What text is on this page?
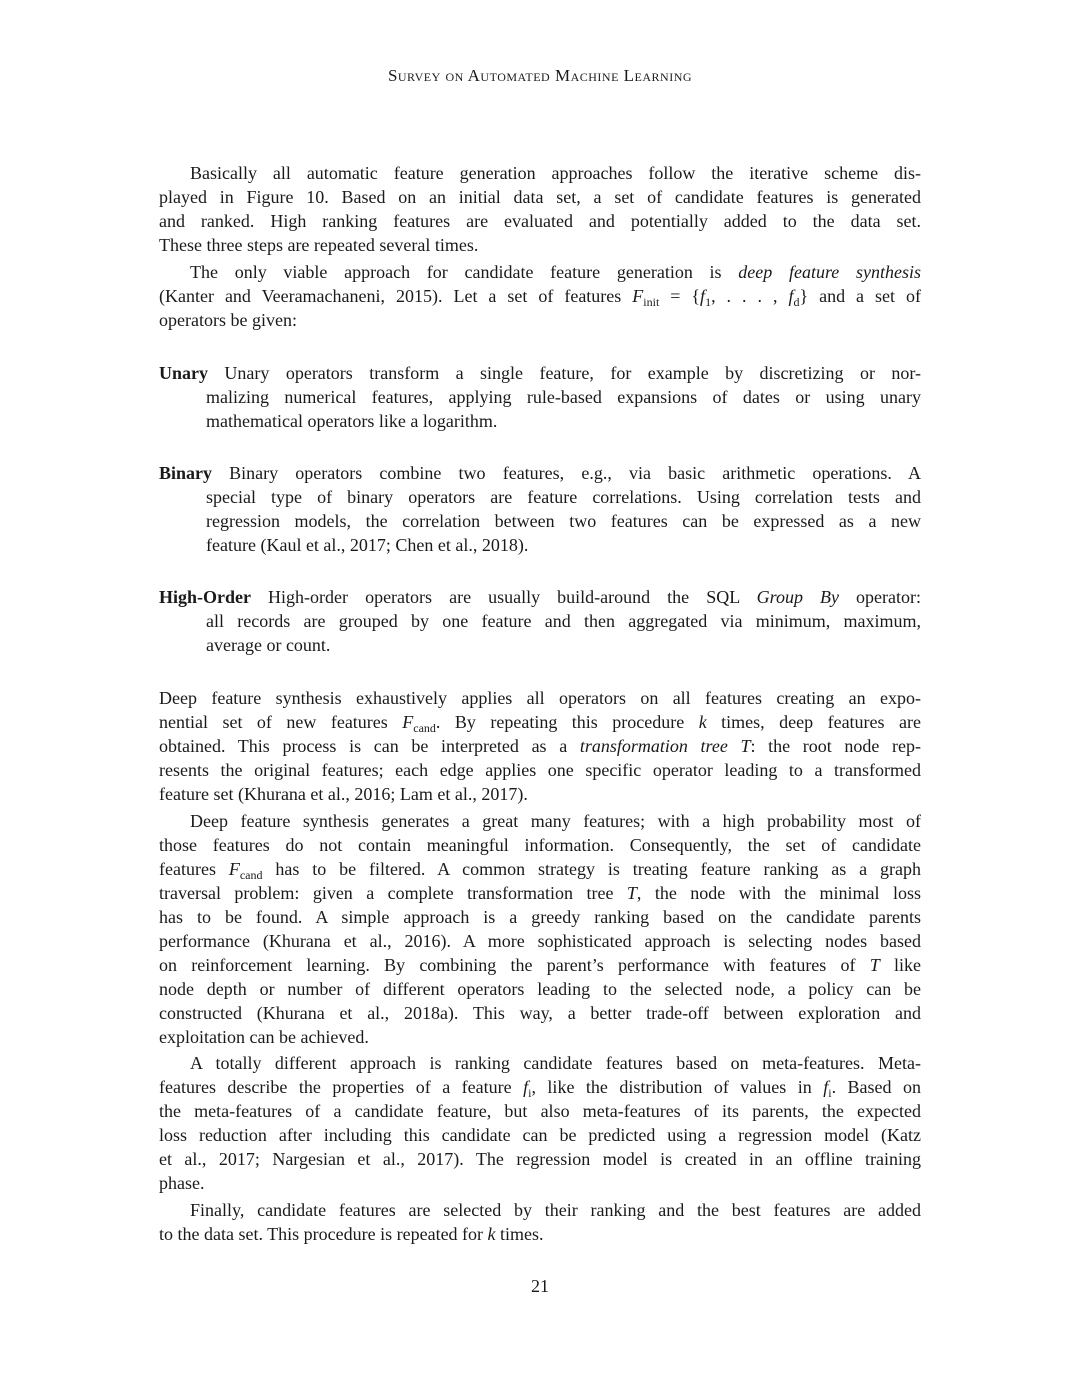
Survey on Automated Machine Learning
Basically all automatic feature generation approaches follow the iterative scheme dis-
played in Figure 10. Based on an initial data set, a set of candidate features is generated
and ranked. High ranking features are evaluated and potentially added to the data set.
These three steps are repeated several times.
The only viable approach for candidate feature generation is deep feature synthesis
(Kanter and Veeramachaneni, 2015). Let a set of features $F_{init} = \{f_1$, . . . , $f_d$} and a set of
operators be given:
Unary Unary operators transform a single feature, for example by discretizing or nor-
malizing numerical features, applying rule-based expansions of dates or using unary
mathematical operators like a logarithm.
Binary Binary operators combine two features, e.g., via basic arithmetic operations. A
special type of binary operators are feature correlations. Using correlation tests and
regression models, the correlation between two features can be expressed as a new
feature (Kaul et al., 2017; Chen et al., 2018).
High-Order High-order operators are usually build-around the SQL Group By operator:
all records are grouped by one feature and then aggregated via minimum, maximum,
average or count.
Deep feature synthesis exhaustively applies all operators on all features creating an expo-
nential set of new features $F_{cand}$. By repeating this procedure k times, deep features are
obtained. This process is can be interpreted as a transformation tree T: the root node rep-
resents the original features; each edge applies one specific operator leading to a transformed
feature set (Khurana et al., 2016; Lam et al., 2017).
Deep feature synthesis generates a great many features; with a high probability most of
those features do not contain meaningful information. Consequently, the set of candidate
features $F_{cand}$ has to be filtered. A common strategy is treating feature ranking as a graph
traversal problem: given a complete transformation tree T, the node with the minimal loss
has to be found. A simple approach is a greedy ranking based on the candidate parents
performance (Khurana et al., 2016). A more sophisticated approach is selecting nodes based
on reinforcement learning. By combining the parent’s performance with features of T like
node depth or number of different operators leading to the selected node, a policy can be
constructed (Khurana et al., 2018a). This way, a better trade-off between exploration and
exploitation can be achieved.
A totally different approach is ranking candidate features based on meta-features. Meta-
features describe the properties of a feature $f_i$, like the distribution of values in $f_i$. Based on
the meta-features of a candidate feature, but also meta-features of its parents, the expected
loss reduction after including this candidate can be predicted using a regression model (Katz
et al., 2017; Nargesian et al., 2017). The regression model is created in an offline training
phase.
Finally, candidate features are selected by their ranking and the best features are added
to the data set. This procedure is repeated for k times.
21
